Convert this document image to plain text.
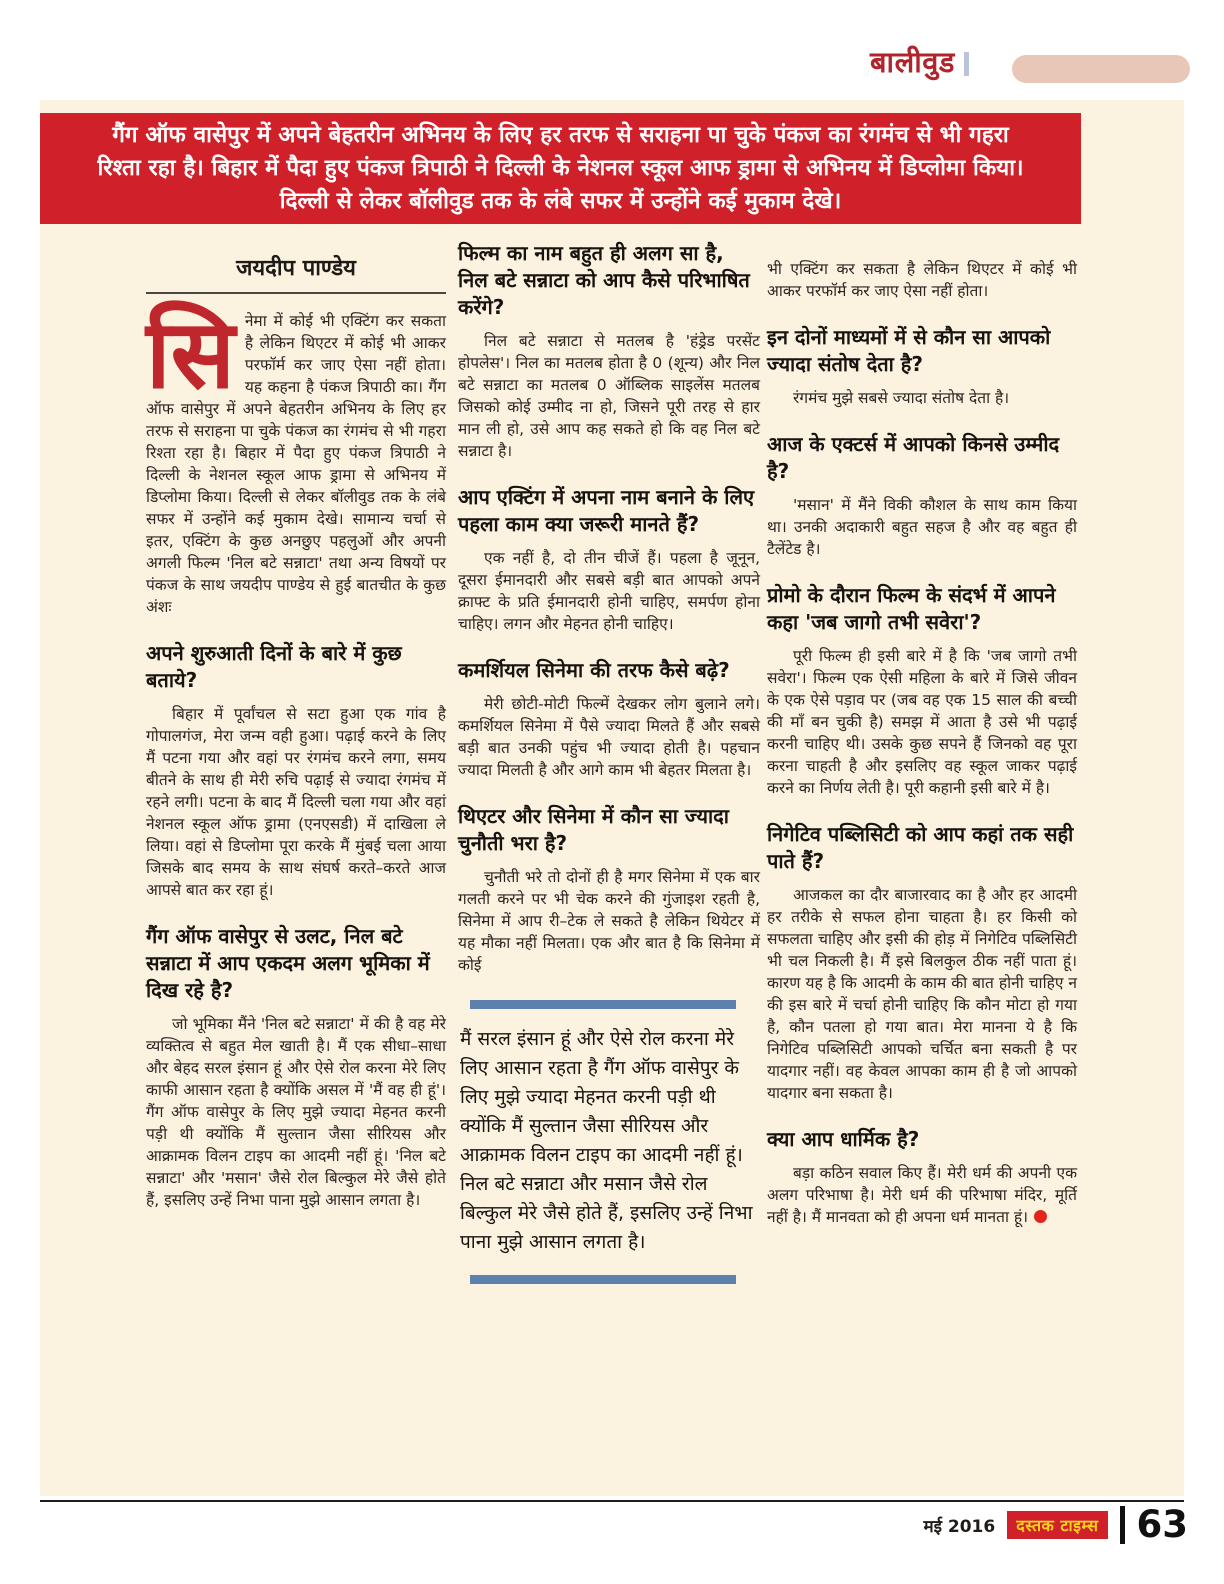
बालीवुड

गैंग ऑफ वासेपुर में अपने बेहतरीन अभिनय के लिए हर तरफ से सराहना पा चुके पंकज का रंगमंच से भी गहरा रिश्ता रहा है। बिहार में पैदा हुए पंकज त्रिपाठी ने दिल्ली के नेशनल स्कूल आफ ड्रामा से अभिनय में डिप्लोमा किया। दिल्ली से लेकर बॉलीवुड तक के लंबे सफर में उन्होंने कई मुकाम देखे।

जयदीप पाण्डेय

सिनेमा में कोई भी एक्टिंग कर सकता है लेकिन थिएटर में कोई भी आकर परफॉर्म कर जाए ऐसा नहीं होता। यह कहना है पंकज त्रिपाठी का। गैंग ऑफ वासेपुर में अपने बेहतरीन अभिनय के लिए हर तरफ से सराहना पा चुके पंकज का रंगमंच से भी गहरा रिश्ता रहा है। बिहार में पैदा हुए पंकज त्रिपाठी ने दिल्ली के नेशनल स्कूल आफ ड्रामा से अभिनय में डिप्लोमा किया। दिल्ली से लेकर बॉलीवुड तक के लंबे सफर में उन्होंने कई मुकाम देखे। सामान्य चर्चा से इतर, एक्टिंग के कुछ अनछुए पहलुओं और अपनी अगली फिल्म 'निल बटे सन्नाटा' तथा अन्य विषयों पर पंकज के साथ जयदीप पाण्डेय से हुई बातचीत के कुछ अंशः

अपने शुरुआती दिनों के बारे में कुछ बताये?

बिहार में पूर्वांचल से सटा हुआ एक गांव है गोपालगंज, मेरा जन्म वही हुआ। पढ़ाई करने के लिए मैं पटना गया और वहां पर रंगमंच करने लगा, समय बीतने के साथ ही मेरी रुचि पढ़ाई से ज्यादा रंगमंच में रहने लगी। पटना के बाद मैं दिल्ली चला गया और वहां नेशनल स्कूल ऑफ ड्रामा (एनएसडी) में दाखिला ले लिया। वहां से डिप्लोमा पूरा करके मैं मुंबई चला आया जिसके बाद समय के साथ संघर्ष करते–करते आज आपसे बात कर रहा हूं।

गैंग ऑफ वासेपुर से उलट, निल बटे सन्नाटा में आप एकदम अलग भूमिका में दिख रहे है?

जो भूमिका मैंने 'निल बटे सन्नाटा' में की है वह मेरे व्यक्तित्व से बहुत मेल खाती है। मैं एक सीधा–साधा और बेहद सरल इंसान हूं और ऐसे रोल करना मेरे लिए काफी आसान रहता है क्योंकि असल में 'मैं वह ही हूं'। गैंग ऑफ वासेपुर के लिए मुझे ज्यादा मेहनत करनी पड़ी थी क्योंकि मैं सुल्तान जैसा सीरियस और आक्रामक विलन टाइप का आदमी नहीं हूं। 'निल बटे सन्नाटा' और 'मसान' जैसे रोल बिल्कुल मेरे जैसे होते हैं, इसलिए उन्हें निभा पाना मुझे आसान लगता है।

फिल्म का नाम बहुत ही अलग सा है, निल बटे सन्नाटा को आप कैसे परिभाषित करेंगे?

निल बटे सन्नाटा से मतलब है 'हंड्रेड परसेंट होपलेस'। निल का मतलब होता है 0 (शून्य) और निल बटे सन्नाटा का मतलब 0 ऑब्लिक साइलेंस मतलब जिसको कोई उम्मीद ना हो, जिसने पूरी तरह से हार मान ली हो, उसे आप कह सकते हो कि वह निल बटे सन्नाटा है।

आप एक्टिंग में अपना नाम बनाने के लिए पहला काम क्या जरूरी मानते हैं?

एक नहीं है, दो तीन चीजें हैं। पहला है जूनून, दूसरा ईमानदारी और सबसे बड़ी बात आपको अपने क्राफ्ट के प्रति ईमानदारी होनी चाहिए, समर्पण होना चाहिए। लगन और मेहनत होनी चाहिए।

कमर्शियल सिनेमा की तरफ कैसे बढ़े?

मेरी छोटी-मोटी फिल्में देखकर लोग बुलाने लगे। कमर्शियल सिनेमा में पैसे ज्यादा मिलते हैं और सबसे बड़ी बात उनकी पहुंच भी ज्यादा होती है। पहचान ज्यादा मिलती है और आगे काम भी बेहतर मिलता है।

थिएटर और सिनेमा में कौन सा ज्यादा चुनौती भरा है?

चुनौती भरे तो दोनों ही है मगर सिनेमा में एक बार गलती करने पर भी चेक करने की गुंजाइश रहती है, सिनेमा में आप री–टेक ले सकते है लेकिन थियेटर में यह मौका नहीं मिलता। एक और बात है कि सिनेमा में कोई

मैं सरल इंसान हूं और ऐसे रोल करना मेरे लिए आसान रहता है गैंग ऑफ वासेपुर के लिए मुझे ज्यादा मेहनत करनी पड़ी थी क्योंकि मैं सुल्तान जैसा सीरियस और आक्रामक विलन टाइप का आदमी नहीं हूं। निल बटे सन्नाटा और मसान जैसे रोल बिल्कुल मेरे जैसे होते हैं, इसलिए उन्हें निभा पाना मुझे आसान लगता है।

भी एक्टिंग कर सकता है लेकिन थिएटर में कोई भी आकर परफॉर्म कर जाए ऐसा नहीं होता।

इन दोनों माध्यमों में से कौन सा आपको ज्यादा संतोष देता है?

रंगमंच मुझे सबसे ज्यादा संतोष देता है।

आज के एक्टर्स में आपको किनसे उम्मीद है?

'मसान' में मैंने विकी कौशल के साथ काम किया था। उनकी अदाकारी बहुत सहज है और वह बहुत ही टैलेंटेड है।

प्रोमो के दौरान फिल्म के संदर्भ में आपने कहा 'जब जागो तभी सवेरा'?

पूरी फिल्म ही इसी बारे में है कि 'जब जागो तभी सवेरा'। फिल्म एक ऐसी महिला के बारे में जिसे जीवन के एक ऐसे पड़ाव पर (जब वह एक 15 साल की बच्ची की माँ बन चुकी है) समझ में आता है उसे भी पढ़ाई करनी चाहिए थी। उसके कुछ सपने हैं जिनको वह पूरा करना चाहती है और इसलिए वह स्कूल जाकर पढ़ाई करने का निर्णय लेती है। पूरी कहानी इसी बारे में है।

निगेटिव पब्लिसिटी को आप कहां तक सही पाते हैं?

आजकल का दौर बाजारवाद का है और हर आदमी हर तरीके से सफल होना चाहता है। हर किसी को सफलता चाहिए और इसी की होड़ में निगेटिव पब्लिसिटी भी चल निकली है। मैं इसे बिलकुल ठीक नहीं पाता हूं। कारण यह है कि आदमी के काम की बात होनी चाहिए न की इस बारे में चर्चा होनी चाहिए कि कौन मोटा हो गया है, कौन पतला हो गया बात। मेरा मानना ये है कि निगेटिव पब्लिसिटी आपको चर्चित बना सकती है पर यादगार नहीं। वह केवल आपका काम ही है जो आपको यादगार बना सकता है।

क्या आप धार्मिक है?

बड़ा कठिन सवाल किए हैं। मेरी धर्म की अपनी एक अलग परिभाषा है। मेरी धर्म की परिभाषा मंदिर, मूर्ति नहीं है। मैं मानवता को ही अपना धर्म मानता हूं।

मई 2016	दस्तक टाइम्स 63
